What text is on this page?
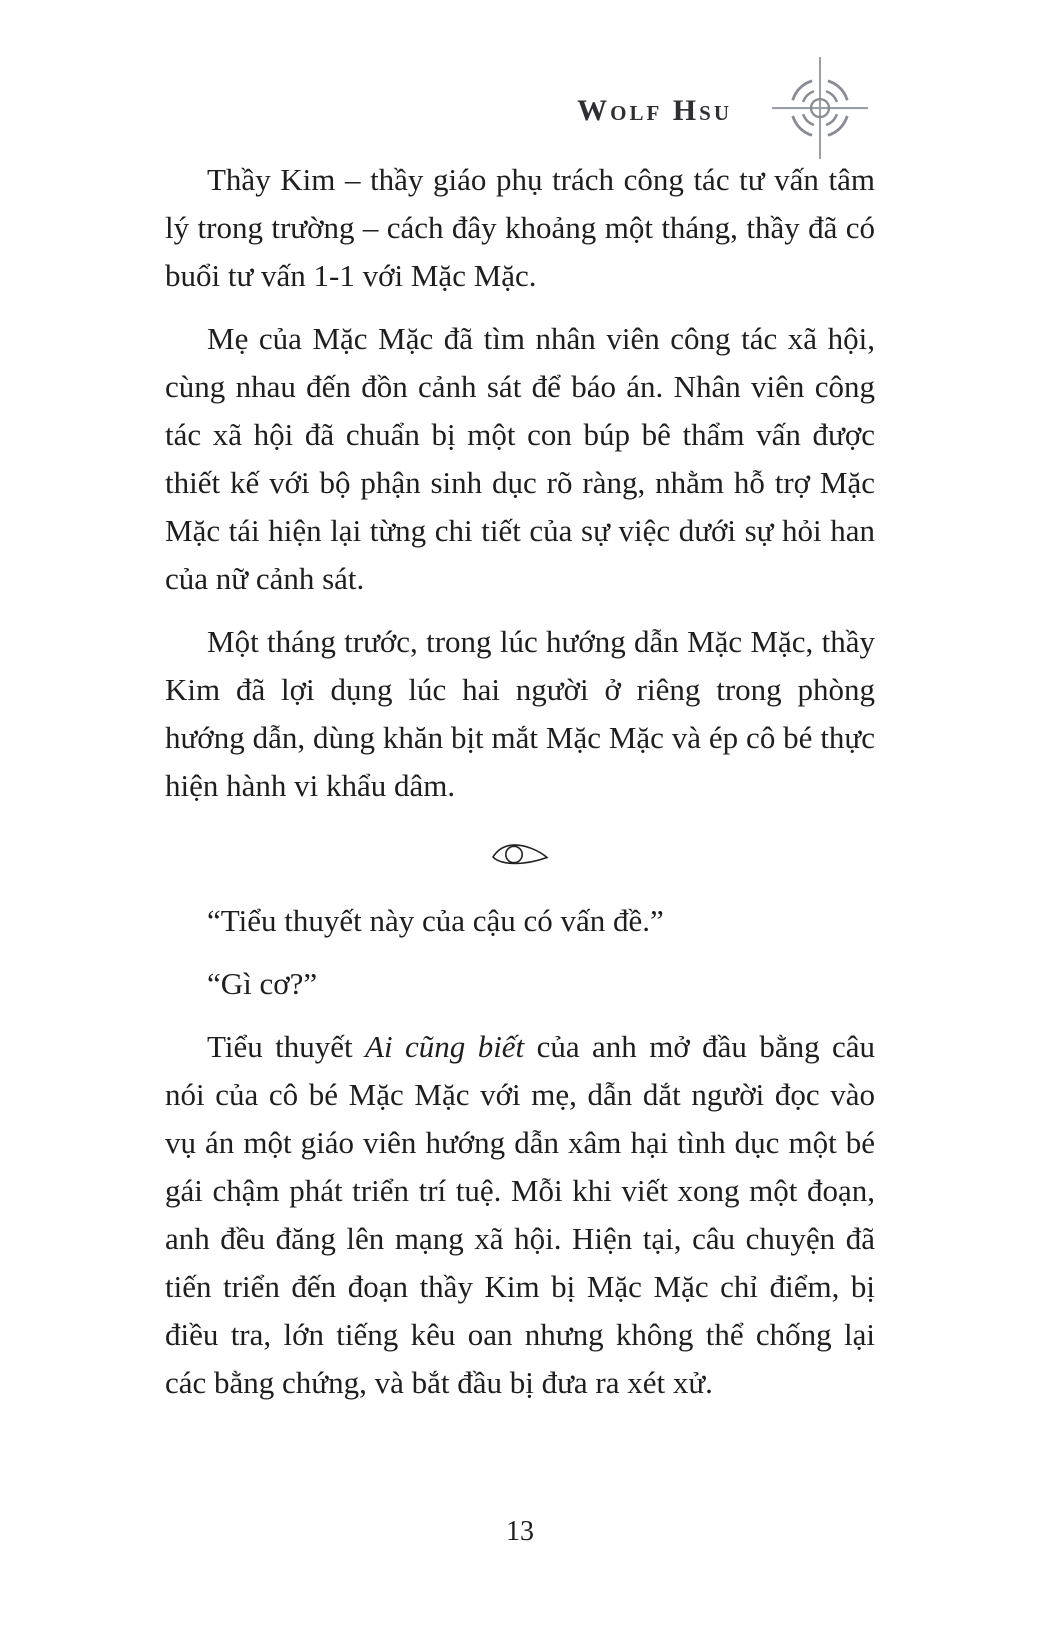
Wolf Hsu

Thầy Kim – thầy giáo phụ trách công tác tư vấn tâm lý trong trường – cách đây khoảng một tháng, thầy đã có buổi tư vấn 1-1 với Mặc Mặc.

Mẹ của Mặc Mặc đã tìm nhân viên công tác xã hội, cùng nhau đến đồn cảnh sát để báo án. Nhân viên công tác xã hội đã chuẩn bị một con búp bê thẩm vấn được thiết kế với bộ phận sinh dục rõ ràng, nhằm hỗ trợ Mặc Mặc tái hiện lại từng chi tiết của sự việc dưới sự hỏi han của nữ cảnh sát.

Một tháng trước, trong lúc hướng dẫn Mặc Mặc, thầy Kim đã lợi dụng lúc hai người ở riêng trong phòng hướng dẫn, dùng khăn bịt mắt Mặc Mặc và ép cô bé thực hiện hành vi khẩu dâm.

“Tiểu thuyết này của cậu có vấn đề.”

“Gì cơ?”

Tiểu thuyết Ai cũng biết của anh mở đầu bằng câu nói của cô bé Mặc Mặc với mẹ, dẫn dắt người đọc vào vụ án một giáo viên hướng dẫn xâm hại tình dục một bé gái chậm phát triển trí tuệ. Mỗi khi viết xong một đoạn, anh đều đăng lên mạng xã hội. Hiện tại, câu chuyện đã tiến triển đến đoạn thầy Kim bị Mặc Mặc chỉ điểm, bị điều tra, lớn tiếng kêu oan nhưng không thể chống lại các bằng chứng, và bắt đầu bị đưa ra xét xử.

13
